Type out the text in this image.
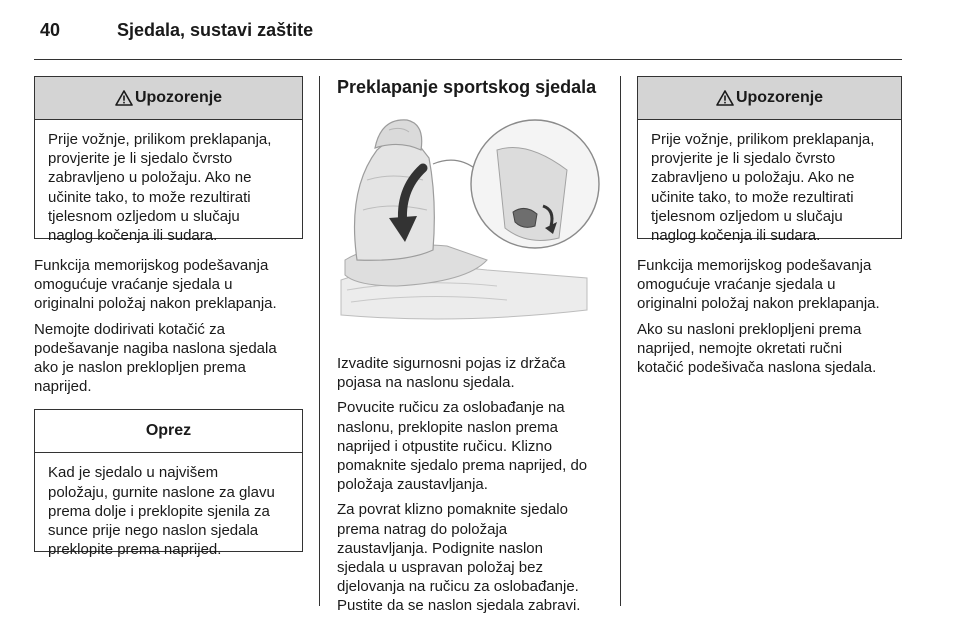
40	Sjedala, sustavi zaštite
Upozorenje
Prije vožnje, prilikom preklapanja,
provjerite je li sjedalo čvrsto
zabravljeno u položaju. Ako ne
učinite tako, to može rezultirati
tjelesnom ozljedom u slučaju
naglog kočenja ili sudara.
Funkcija memorijskog podešavanja
omogućuje vraćanje sjedala u
originalni položaj nakon preklapanja.
Nemojte dodirivati kotačić za
podešavanje nagiba naslona sjedala
ako je naslon preklopljen prema
naprijed.
Oprez
Kad je sjedalo u najvišem
položaju, gurnite naslone za glavu
prema dolje i preklopite sjenila za
sunce prije nego naslon sjedala
preklopite prema naprijed.
Preklapanje sportskog sjedala
Izvadite sigurnosni pojas iz držača
pojasa na naslonu sjedala.
Povucite ručicu za oslobađanje na
naslonu, preklopite naslon prema
naprijed i otpustite ručicu. Klizno
pomaknite sjedalo prema naprijed, do
položaja zaustavljanja.
Za povrat klizno pomaknite sjedalo
prema natrag do položaja
zaustavljanja. Podignite naslon
sjedala u uspravan položaj bez
djelovanja na ručicu za oslobađanje.
Pustite da se naslon sjedala zabravi.
Upozorenje
Prije vožnje, prilikom preklapanja,
provjerite je li sjedalo čvrsto
zabravljeno u položaju. Ako ne
učinite tako, to može rezultirati
tjelesnom ozljedom u slučaju
naglog kočenja ili sudara.
Funkcija memorijskog podešavanja
omogućuje vraćanje sjedala u
originalni položaj nakon preklapanja.
Ako su nasloni preklopljeni prema
naprijed, nemojte okretati ručni
kotačić podešivača naslona sjedala.
